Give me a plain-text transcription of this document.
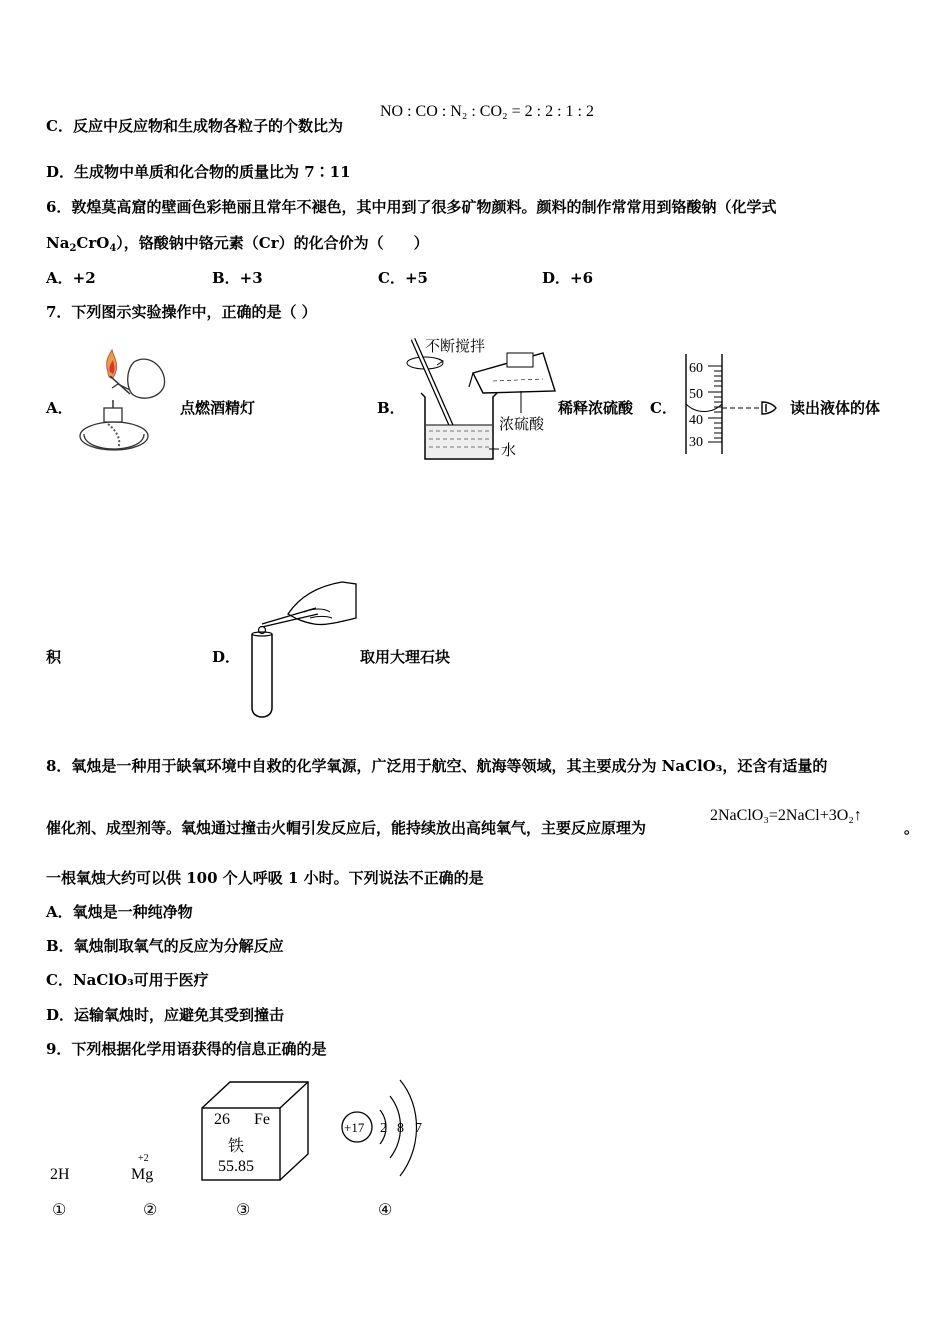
C．反应中反应物和生成物各粒子的个数比为
NO : CO : N₂ : CO₂ = 2 : 2 : 1 : 2
D．生成物中单质和化合物的质量比为 7∶11
6．敦煌莫高窟的壁画色彩艳丽且常年不褪色，其中用到了很多矿物颜料。颜料的制作常常用到铬酸钠（化学式
$Na_2CrO_4$），铬酸钠中铬元素（Cr）的化合价为（　　）
A．+2	B．+3	C．+5	D．+6
7．下列图示实验操作中，正确的是（ ）
A．	点燃酒精灯	B．
不断搅拌
浓硫酸
水
稀释浓硫酸 C．
60
50
40
30
读出液体的体
积	D．	取用大理石块
8．氧烛是一种用于缺氧环境中自救的化学氧源，广泛用于航空、航海等领域，其主要成分为 NaClO₃，还含有适量的
催化剂、成型剂等。氧烛通过撞击火帽引发反应后，能持续放出高纯氧气，主要反应原理为
2NaClO₃=2NaCl+3O₂↑
。
一根氧烛大约可以供 100 个人呼吸 1 小时。下列说法不正确的是
A．氧烛是一种纯净物
B．氧烛制取氧气的反应为分解反应
C．NaClO₃可用于医疗
D．运输氧烛时，应避免其受到撞击
9．下列根据化学用语获得的信息正确的是
2H
+2
Mg
26 Fe
铁
55.85
+17 2 8 7
①	②	③	④
